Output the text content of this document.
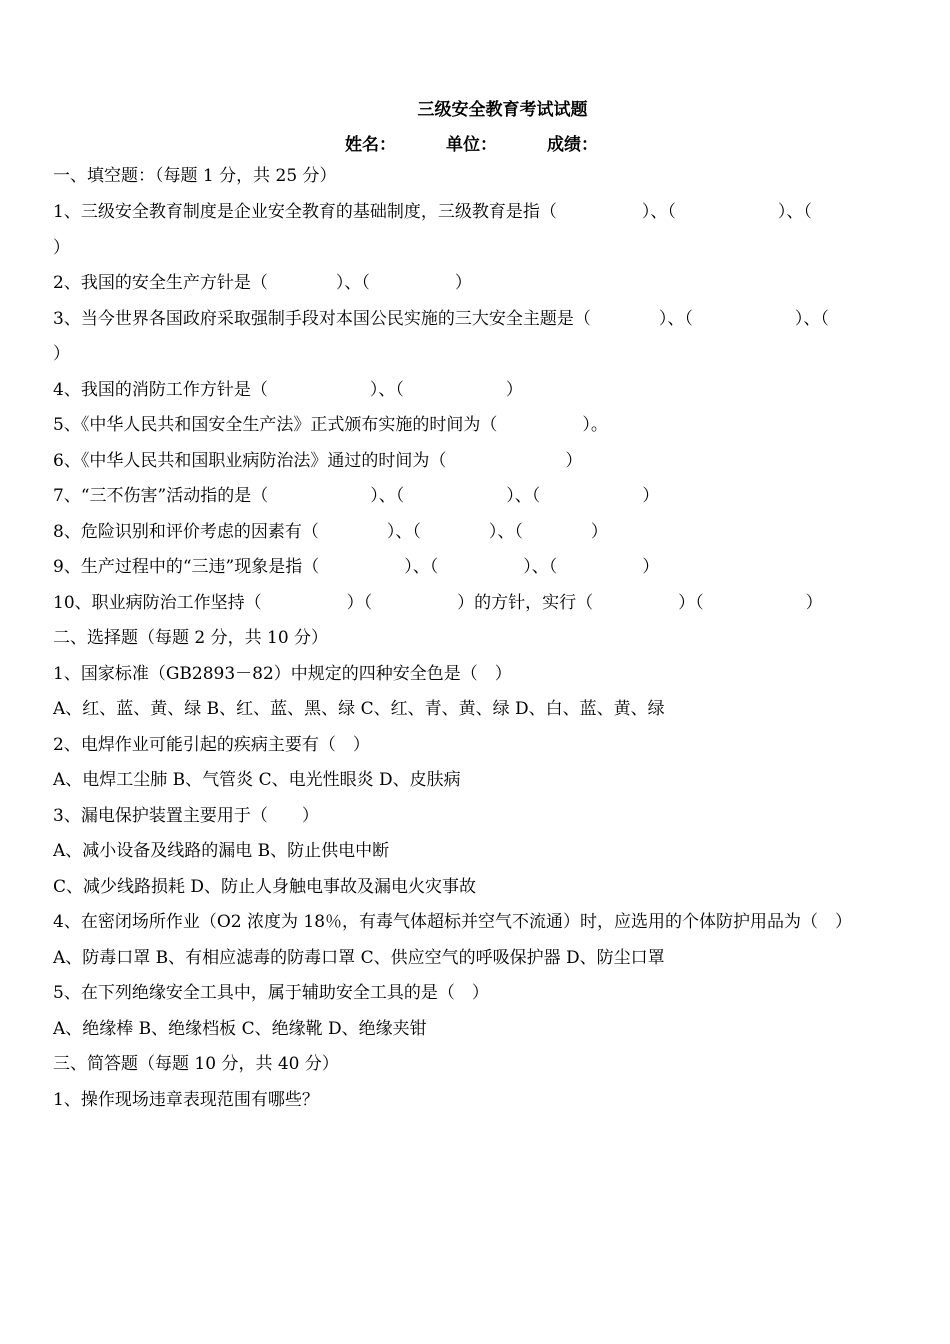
三级安全教育考试试题
姓名：	单位：	成绩：
一、填空题：（每题 1 分，共 25 分）
1、三级安全教育制度是企业安全教育的基础制度，三级教育是指（　　　　　）、（　　　　　　）、（
）
2、我国的安全生产方针是（　　　　）、（　　　　　）
3、当今世界各国政府采取强制手段对本国公民实施的三大安全主题是（　　　　）、（　　　　　　）、（
）
4、我国的消防工作方针是（　　　　　　）、（　　　　　　）
5、《中华人民共和国安全生产法》正式颁布实施的时间为（　　　　　）。
6、《中华人民共和国职业病防治法》通过的时间为（　　　　　　　）
7、“三不伤害”活动指的是（　　　　　　）、（　　　　　　）、（　　　　　　）
8、危险识别和评价考虑的因素有（　　　　）、（　　　　）、（　　　　）
9、生产过程中的“三违”现象是指（　　　　　）、（　　　　　）、（　　　　　）
10、职业病防治工作坚持（　　　　　）（　　　　　）的方针，实行（　　　　　）（　　　　　　）
二、选择题（每题 2 分，共 10 分）
1、国家标准（GB2893－82）中规定的四种安全色是（　）
A、红、蓝、黄、绿 B、红、蓝、黑、绿 C、红、青、黄、绿 D、白、蓝、黄、绿
2、电焊作业可能引起的疾病主要有（　）
A、电焊工尘肺 B、气管炎 C、电光性眼炎 D、皮肤病
3、漏电保护装置主要用于（　　）
A、减小设备及线路的漏电 B、防止供电中断
C、减少线路损耗 D、防止人身触电事故及漏电火灾事故
4、在密闭场所作业（O2 浓度为 18％，有毒气体超标并空气不流通）时，应选用的个体防护用品为（　）
A、防毒口罩 B、有相应滤毒的防毒口罩 C、供应空气的呼吸保护器 D、防尘口罩
5、在下列绝缘安全工具中，属于辅助安全工具的是（　）
A、绝缘棒 B、绝缘档板 C、绝缘靴 D、绝缘夹钳
三、简答题（每题 10 分，共 40 分）
1、操作现场违章表现范围有哪些？
